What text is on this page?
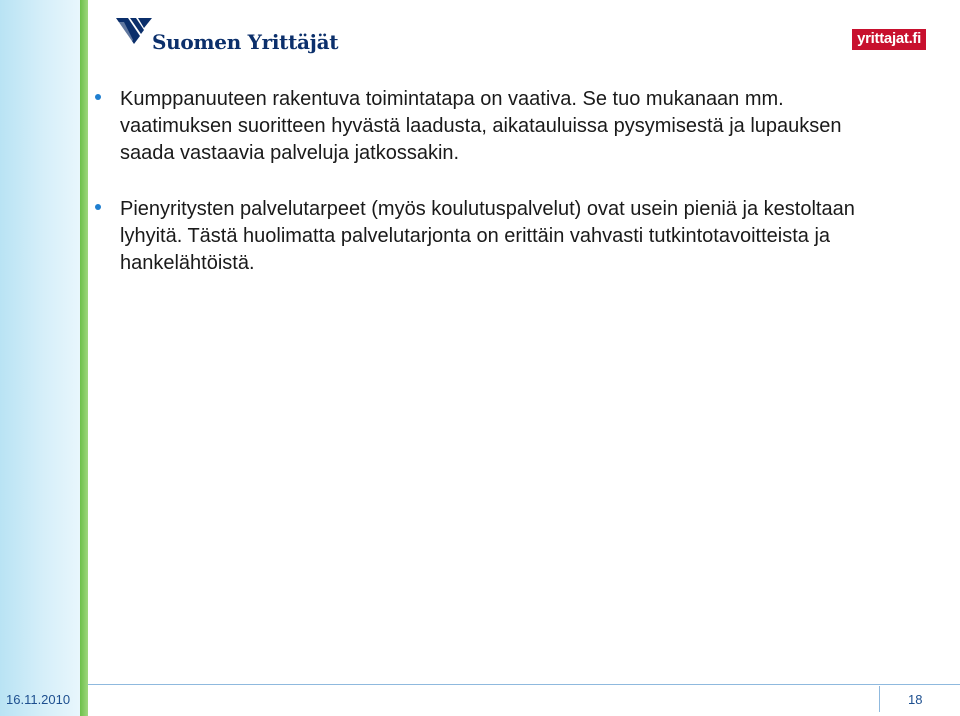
Suomen Yrittäjät	yrittajat.fi
Kumppanuuteen rakentuva toimintatapa on vaativa. Se tuo mukanaan mm. vaatimuksen suoritteen hyvästä laadusta, aikatauluissa pysymisestä ja lupauksen saada vastaavia palveluja jatkossakin.
Pienyritysten palvelutarpeet (myös koulutuspalvelut) ovat usein pieniä ja kestoltaan lyhyitä. Tästä huolimatta palvelutarjonta on erittäin vahvasti tutkintotavoitteista ja hankelähtöistä.
16.11.2010	18
